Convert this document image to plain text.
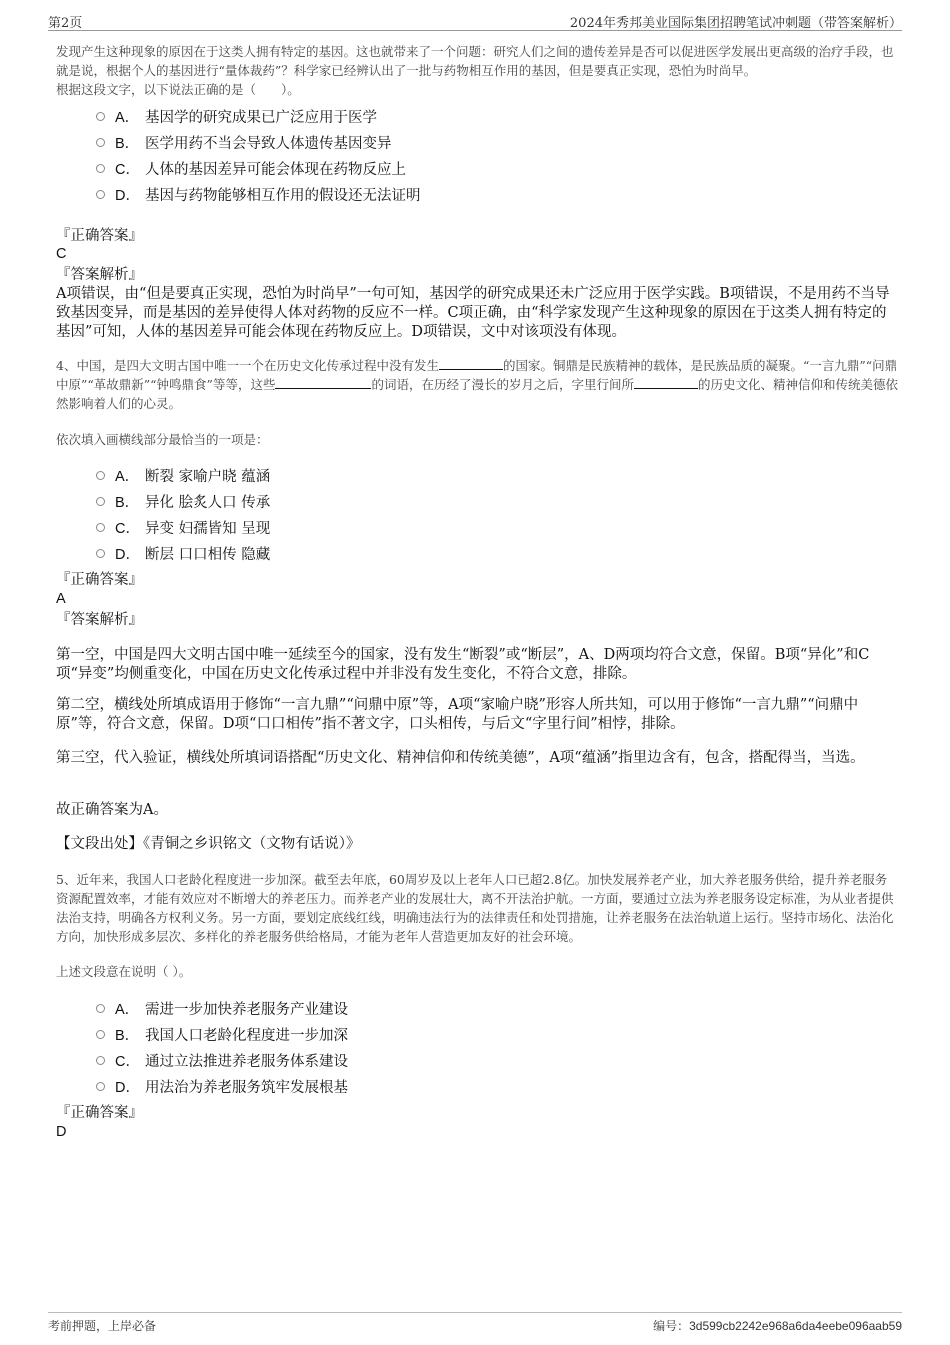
第2页	2024年秀邦美业国际集团招聘笔试冲刺题（带答案解析）
发现产生这种现象的原因在于这类人拥有特定的基因。这也就带来了一个问题：研究人们之间的遗传差异是否可以促进医学发展出更高级的治疗手段，也就是说，根据个人的基因进行“量体裁药”？科学家已经辨认出了一批与药物相互作用的基因，但是要真正实现，恐怕为时尚早。
根据这段文字，以下说法正确的是（　　）。
A． 基因学的研究成果已广泛应用于医学
B． 医学用药不当会导致人体遗传基因变异
C． 人体的基因差异可能会体现在药物反应上
D． 基因与药物能够相互作用的假设还无法证明
『正确答案』
C
『答案解析』
A项错误，由“但是要真正实现，恐怕为时尚早”一句可知，基因学的研究成果还未广泛应用于医学实践。B项错误，不是用药不当导致基因变异，而是基因的差异使得人体对药物的反应不一样。C项正确，由“科学家发现产生这种现象的原因在于这类人拥有特定的基因”可知，人体的基因差异可能会体现在药物反应上。D项错误，文中对该项没有体现。
4、中国，是四大文明古国中唯一一个在历史文化传承过程中没有发生	的国家。铜鼎是民族精神的载体，是民族品质的凝聚。“一言九鼎”“问鼎中原”“革故鼎新”“钟鸣鼎食”等等，这些	的词语，在历经了漫长的岁月之后，字里行间所	的历史文化、精神信仰和传统美德依然影响着人们的心灵。
依次填入画横线部分最恰当的一项是：
A． 断裂 家喻户晓 蕴涵
B． 异化 脍炙人口 传承
C． 异变 妇孺皆知 呈现
D． 断层 口口相传 隐藏
『正确答案』
A
『答案解析』
第一空，中国是四大文明古国中唯一延续至今的国家，没有发生“断裂”或“断层”，A、D两项均符合文意，保留。B项“异化”和C项“异变”均侧重变化，中国在历史文化传承过程中并非没有发生变化，不符合文意，排除。
第二空，横线处所填成语用于修饰“一言九鼎”“问鼎中原”等，A项“家喻户晓”形容人所共知，可以用于修饰“一言九鼎”“问鼎中原”等，符合文意，保留。D项“口口相传”指不著文字，口头相传，与后文“字里行间”相悖，排除。
第三空，代入验证，横线处所填词语搭配“历史文化、精神信仰和传统美德”，A项“蕴涵”指里边含有，包含，搭配得当，当选。
故正确答案为A。
【文段出处】《青铜之乡识铭文（文物有话说）》
5、近年来，我国人口老龄化程度进一步加深。截至去年底，60周岁及以上老年人口已超2.8亿。加快发展养老产业，加大养老服务供给，提升养老服务资源配置效率，才能有效应对不断增大的养老压力。而养老产业的发展壮大，离不开法治护航。一方面，要通过立法为养老服务设定标准，为从业者提供法治支持，明确各方权利义务。另一方面，要划定底线红线，明确违法行为的法律责任和处罚措施，让养老服务在法治轨道上运行。坚持市场化、法治化方向，加快形成多层次、多样化的养老服务供给格局，才能为老年人营造更加友好的社会环境。
上述文段意在说明（ ）。
A． 需进一步加快养老服务产业建设
B． 我国人口老龄化程度进一步加深
C． 通过立法推进养老服务体系建设
D． 用法治为养老服务筑牢发展根基
『正确答案』
D
考前押题，上岸必备	编号：3d599cb2242e968a6da4eebe096aab59
